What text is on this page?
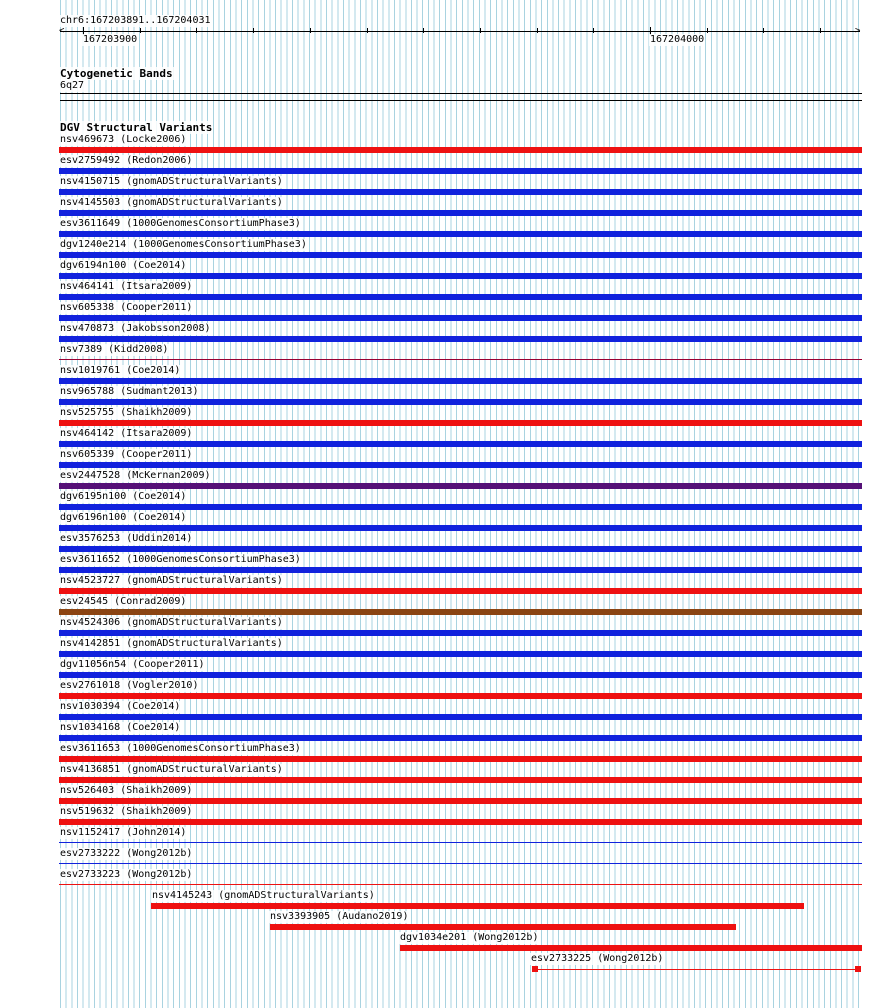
chr6:167203891..167204031
<	>
167203900	167204000
Cytogenetic Bands
6q27
DGV Structural Variants
nsv469673 (Locke2006)
esv2759492 (Redon2006)
nsv4150715 (gnomADStructuralVariants)
nsv4145503 (gnomADStructuralVariants)
esv3611649 (1000GenomesConsortiumPhase3)
dgv1240e214 (1000GenomesConsortiumPhase3)
dgv6194n100 (Coe2014)
nsv464141 (Itsara2009)
nsv605338 (Cooper2011)
nsv470873 (Jakobsson2008)
nsv7389 (Kidd2008)
nsv1019761 (Coe2014)
nsv965788 (Sudmant2013)
nsv525755 (Shaikh2009)
nsv464142 (Itsara2009)
nsv605339 (Cooper2011)
esv2447528 (McKernan2009)
dgv6195n100 (Coe2014)
dgv6196n100 (Coe2014)
esv3576253 (Uddin2014)
esv3611652 (1000GenomesConsortiumPhase3)
nsv4523727 (gnomADStructuralVariants)
esv24545 (Conrad2009)
nsv4524306 (gnomADStructuralVariants)
nsv4142851 (gnomADStructuralVariants)
dgv11056n54 (Cooper2011)
esv2761018 (Vogler2010)
nsv1030394 (Coe2014)
nsv1034168 (Coe2014)
esv3611653 (1000GenomesConsortiumPhase3)
nsv4136851 (gnomADStructuralVariants)
nsv526403 (Shaikh2009)
nsv519632 (Shaikh2009)
nsv1152417 (John2014)
esv2733222 (Wong2012b)
esv2733223 (Wong2012b)
nsv4145243 (gnomADStructuralVariants)
nsv3393905 (Audano2019)
dgv1034e201 (Wong2012b)
esv2733225 (Wong2012b)
